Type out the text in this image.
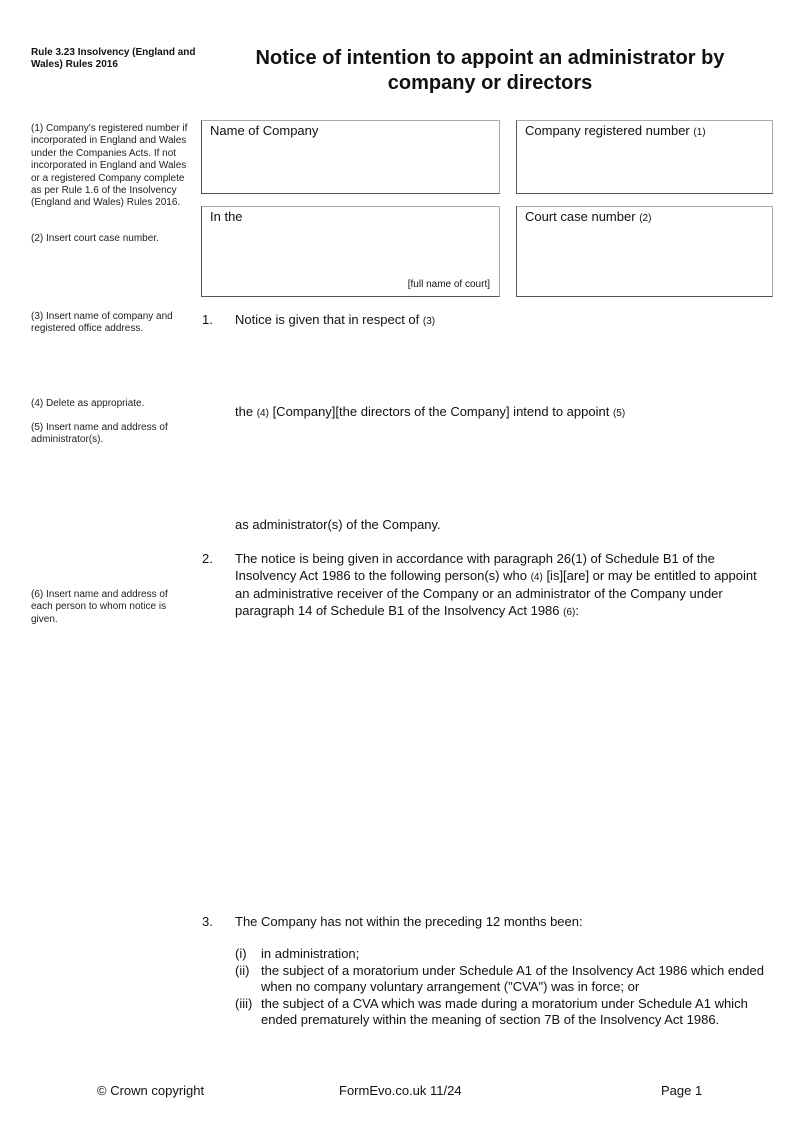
Rule 3.23 Insolvency (England and Wales) Rules 2016	Notice of intention to appoint an administrator by company or directors
(1) Company's registered number if incorporated in England and Wales under the Companies Acts. If not incorporated in England and Wales or a registered Company complete as per Rule 1.6 of the Insolvency (England and Wales) Rules 2016.
(2) Insert court case number.
(3) Insert name of company and registered office address.
(4) Delete as appropriate.
(5) Insert name and address of administrator(s).
(6) Insert name and address of each person to whom notice is given.
Name of Company	Company registered number (1)
In the
[full name of court]
Court case number (2)
1. Notice is given that in respect of (3)
the (4) [Company][the directors of the Company] intend to appoint (5)
as administrator(s) of the Company.
2. The notice is being given in accordance with paragraph 26(1) of Schedule B1 of the Insolvency Act 1986 to the following person(s) who (4) [is][are] or may be entitled to appoint an administrative receiver of the Company or an administrator of the Company under paragraph 14 of Schedule B1 of the Insolvency Act 1986 (6):
3. The Company has not within the preceding 12 months been:
(i)	in administration;
(ii) the subject of a moratorium under Schedule A1 of the Insolvency Act 1986 which ended when no company voluntary arrangement ("CVA") was in force; or
(iii) the subject of a CVA which was made during a moratorium under Schedule A1 which ended prematurely within the meaning of section 7B of the Insolvency Act 1986.
© Crown copyright	FormEvo.co.uk 11/24	Page 1
